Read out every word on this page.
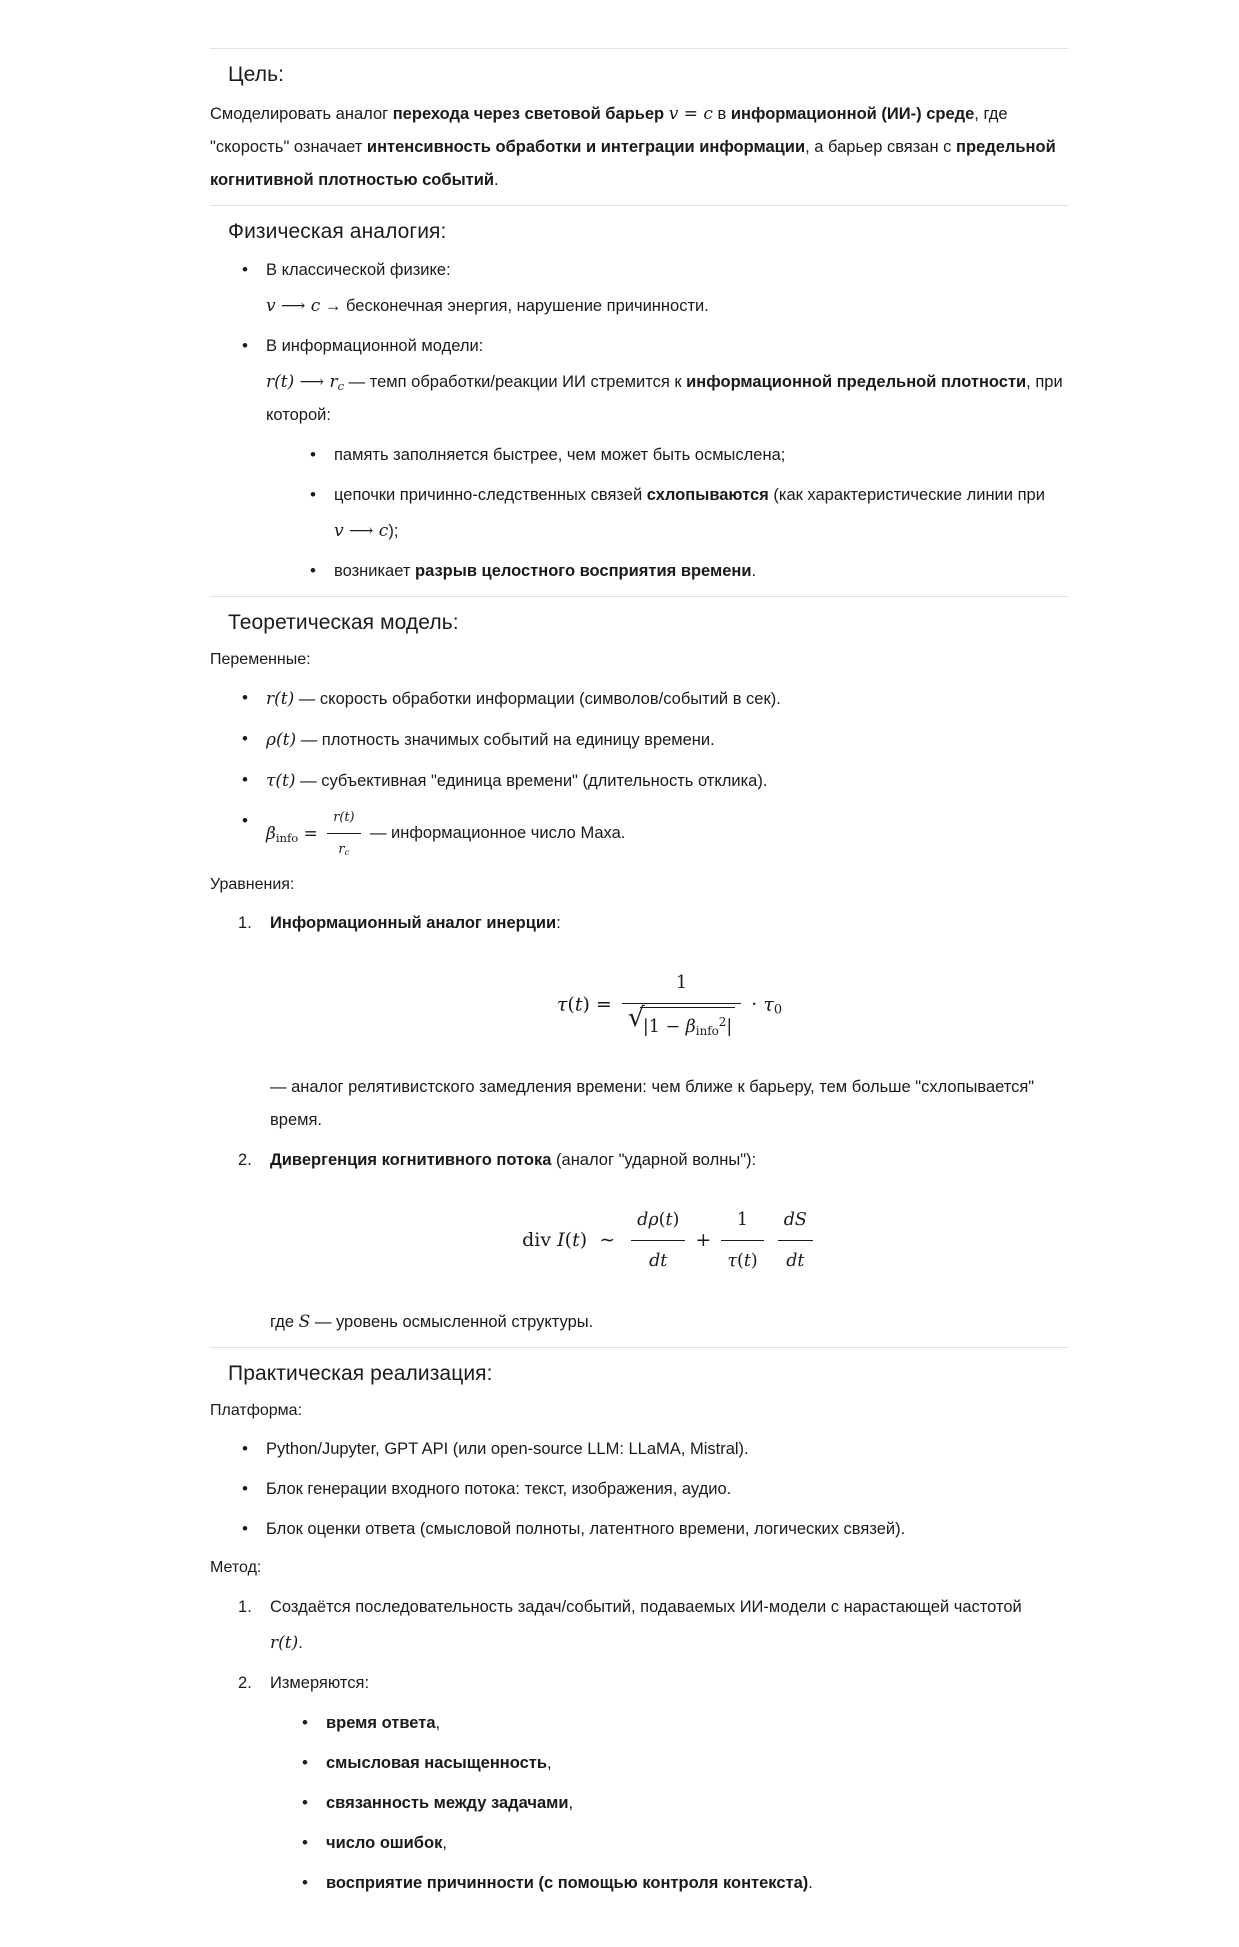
Цель:

Смоделировать аналог перехода через световой барьер v = c в информационной (ИИ-) среде, где "скорость" означает интенсивность обработки и интеграции информации, а барьер связан с предельной когнитивной плотностью событий.

Физическая аналогия:
• В классической физике:
v ⟶ c → бесконечная энергия, нарушение причинности.
• В информационной модели:
r(t) ⟶ $r_c$ — темп обработки/реакции ИИ стремится к информационной предельной плотности, при которой:
• память заполняется быстрее, чем может быть осмыслена;
• цепочки причинно-следственных связей схлопываются (как характеристические линии при
v ⟶ c);
• возникает разрыв целостного восприятия времени.
Теоретическая модель:

Переменные:

• r(t) — скорость обработки информации (символов/событий в сек).
• ρ(t) — плотность значимых событий на единицу времени.
• τ(t) — субъективная "единица времени" (длительность отклика).
• $\beta_{info} = \frac{r(t)}{r_c}$ — информационное число Маха.

Уравнения:

Информационный аналог инерции:
τ(t) = 1
√ $|1 - \beta_{info}^2| \cdot \tau_0$
— аналог релятивистского замедления времени: чем ближе к барьеру, тем больше "схлопывается" время.
Дивергенция когнитивного потока (аналог "ударной волны"):
div I(t) ∼ $\frac{d\rho(t)}{dt} + \frac{1}{\tau(t)}$
$\frac{dS}{dt}$
где S — уровень осмысленной структуры.
Практическая реализация:

Платформа:

• Python/Jupyter, GPT API (или open-source LLM: LLaMA, Mistral).
• Блок генерации входного потока: текст, изображения, аудио.
• Блок оценки ответа (смысловой полноты, латентного времени, логических связей).

Метод:

Создаётся последовательность задач/событий, подаваемых ИИ-модели с нарастающей частотой
r(t).
Измеряются:
• время ответа,
• смысловая насыщенность,
• связанность между задачами,
• число ошибок,
• восприятие причинности (с помощью контроля контекста).
